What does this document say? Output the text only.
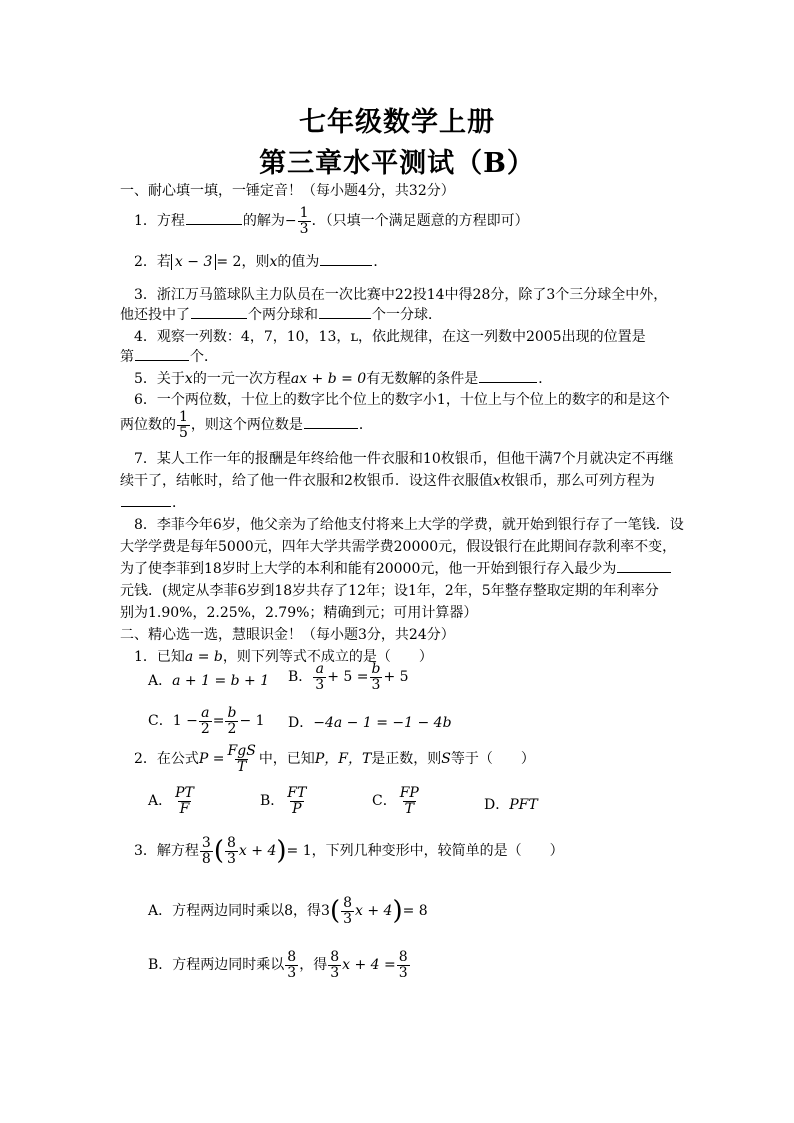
七年级数学上册
第三章水平测试（B）
一、耐心填一填，一锤定音！（每小题4分，共32分）
1．方程	的解为− $\frac{1}{3}$ ．（只填一个满足题意的方程即可）
2．若 x − 3 = 2，则x的值为	．
3．浙江万马篮球队主力队员在一次比赛中22投14中得28分，除了3个三分球全中外，
他还投中了	个两分球和	个一分球．
4．观察一列数：4，7，10，13，ʟ，依此规律，在这一列数中2005出现的位置是
第	个．
5．关于x的一元一次方程ax + b = 0有无数解的条件是	．
6．一个两位数，十位上的数字比个位上的数字小1，十位上与个位上的数字的和是这个
两位数的 $\frac{1}{5}$ ，则这个两位数是	．
7．某人工作一年的报酬是年终给他一件衣服和10枚银币，但他干满7个月就决定不再继
续干了，结帐时，给了他一件衣服和2枚银币．设这件衣服值x枚银币，那么可列方程为
．
8．李菲今年6岁，他父亲为了给他支付将来上大学的学费，就开始到银行存了一笔钱．设
大学学费是每年5000元，四年大学共需学费20000元，假设银行在此期间存款利率不变，
为了使李菲到18岁时上大学的本利和能有20000元，他一开始到银行存入最少为
元钱．(规定从李菲6岁到18岁共存了12年；设1年，2年，5年整存整取定期的年利率分
别为1.90%，2.25%，2.79%；精确到元；可用计算器）
二、精心选一选，慧眼识金！（每小题3分，共24分）
1．已知a = b，则下列等式不成立的是（　　）
A．a + 1 = b + 1 B． $\frac{a}{3} + 5 = \frac{b}{3} + 5$
C．$1 - \frac{a}{2} = \frac{b}{2} - 1$ D．−4a − 1 = −1 − 4b
2．在公式$P = \frac{\text{FgS}}{T}$ 中，已知P，F，T是正数，则S等于（　　）
A． $\frac{PT}{F}$	B． $\frac{FT}{P}$	C． $\frac{FP}{T}$	D．PFT
3．解方程 $\frac{3}{8}$ ( $\frac{8}{3}$ x + 4)= 1，下列几种变形中，较简单的是（　　）
A．方程两边同时乘以8，得$3( \frac{8}{3}$ x + 4)= 8
B．方程两边同时乘以 $\frac{8}{3}$ ，得 $\frac{8}{3}$ $x + 4 = \frac{8}{3}$
